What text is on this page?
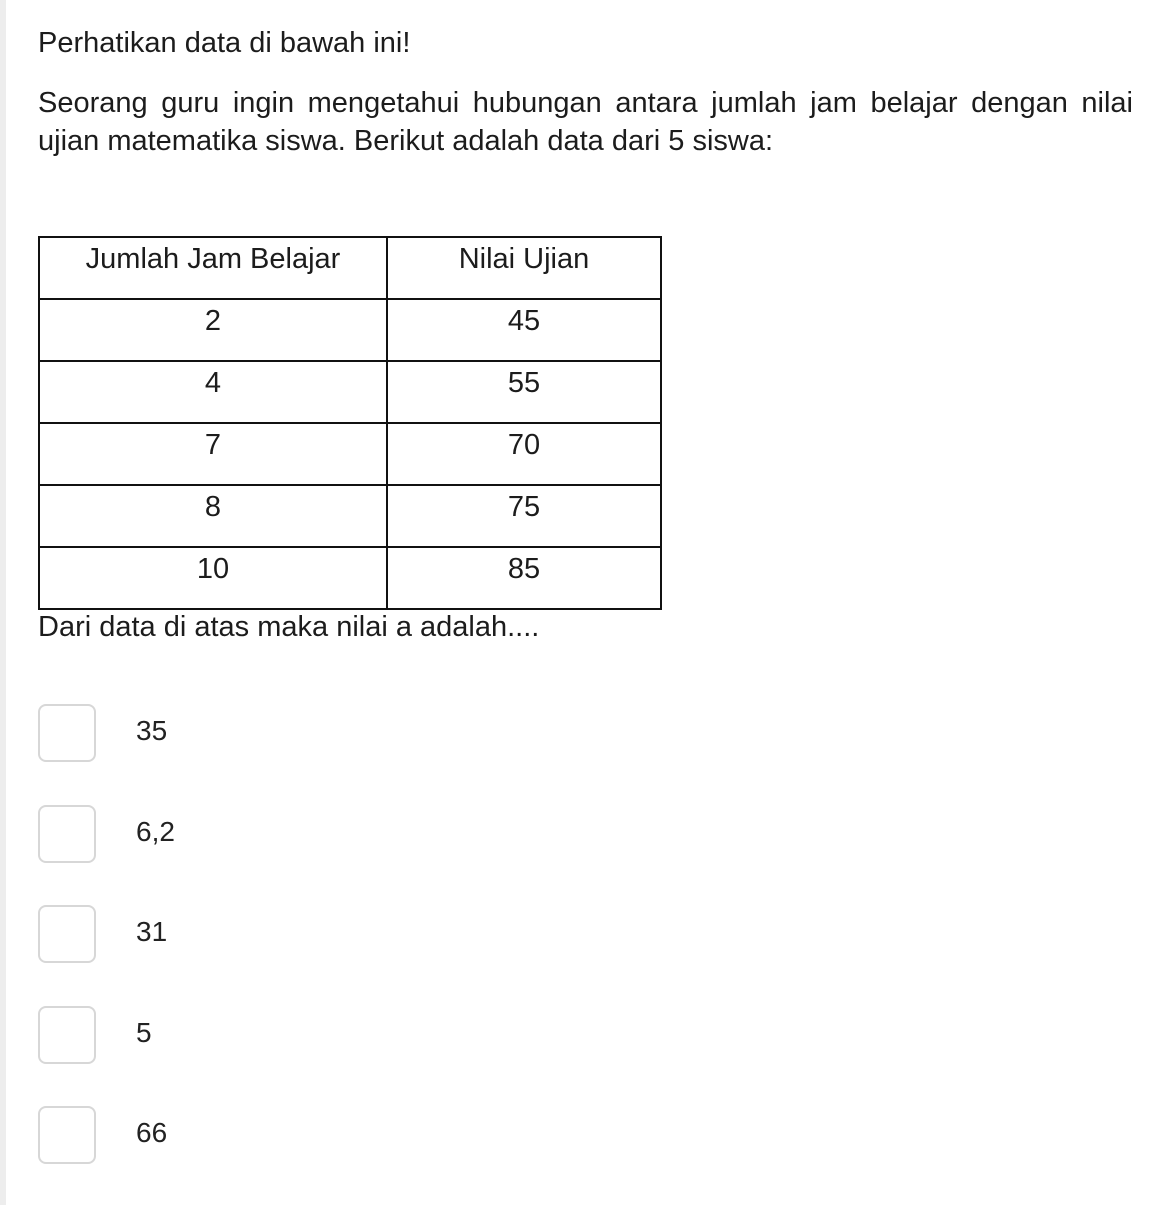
Perhatikan data di bawah ini!
Seorang guru ingin mengetahui hubungan antara jumlah jam belajar dengan nilai ujian matematika siswa. Berikut adalah data dari 5 siswa:
Jumlah Jam Belajar	Nilai Ujian
2	45
4	55
7	70
8	75
10	85
Dari data di atas maka nilai a adalah....
35
6,2
31
5
66
